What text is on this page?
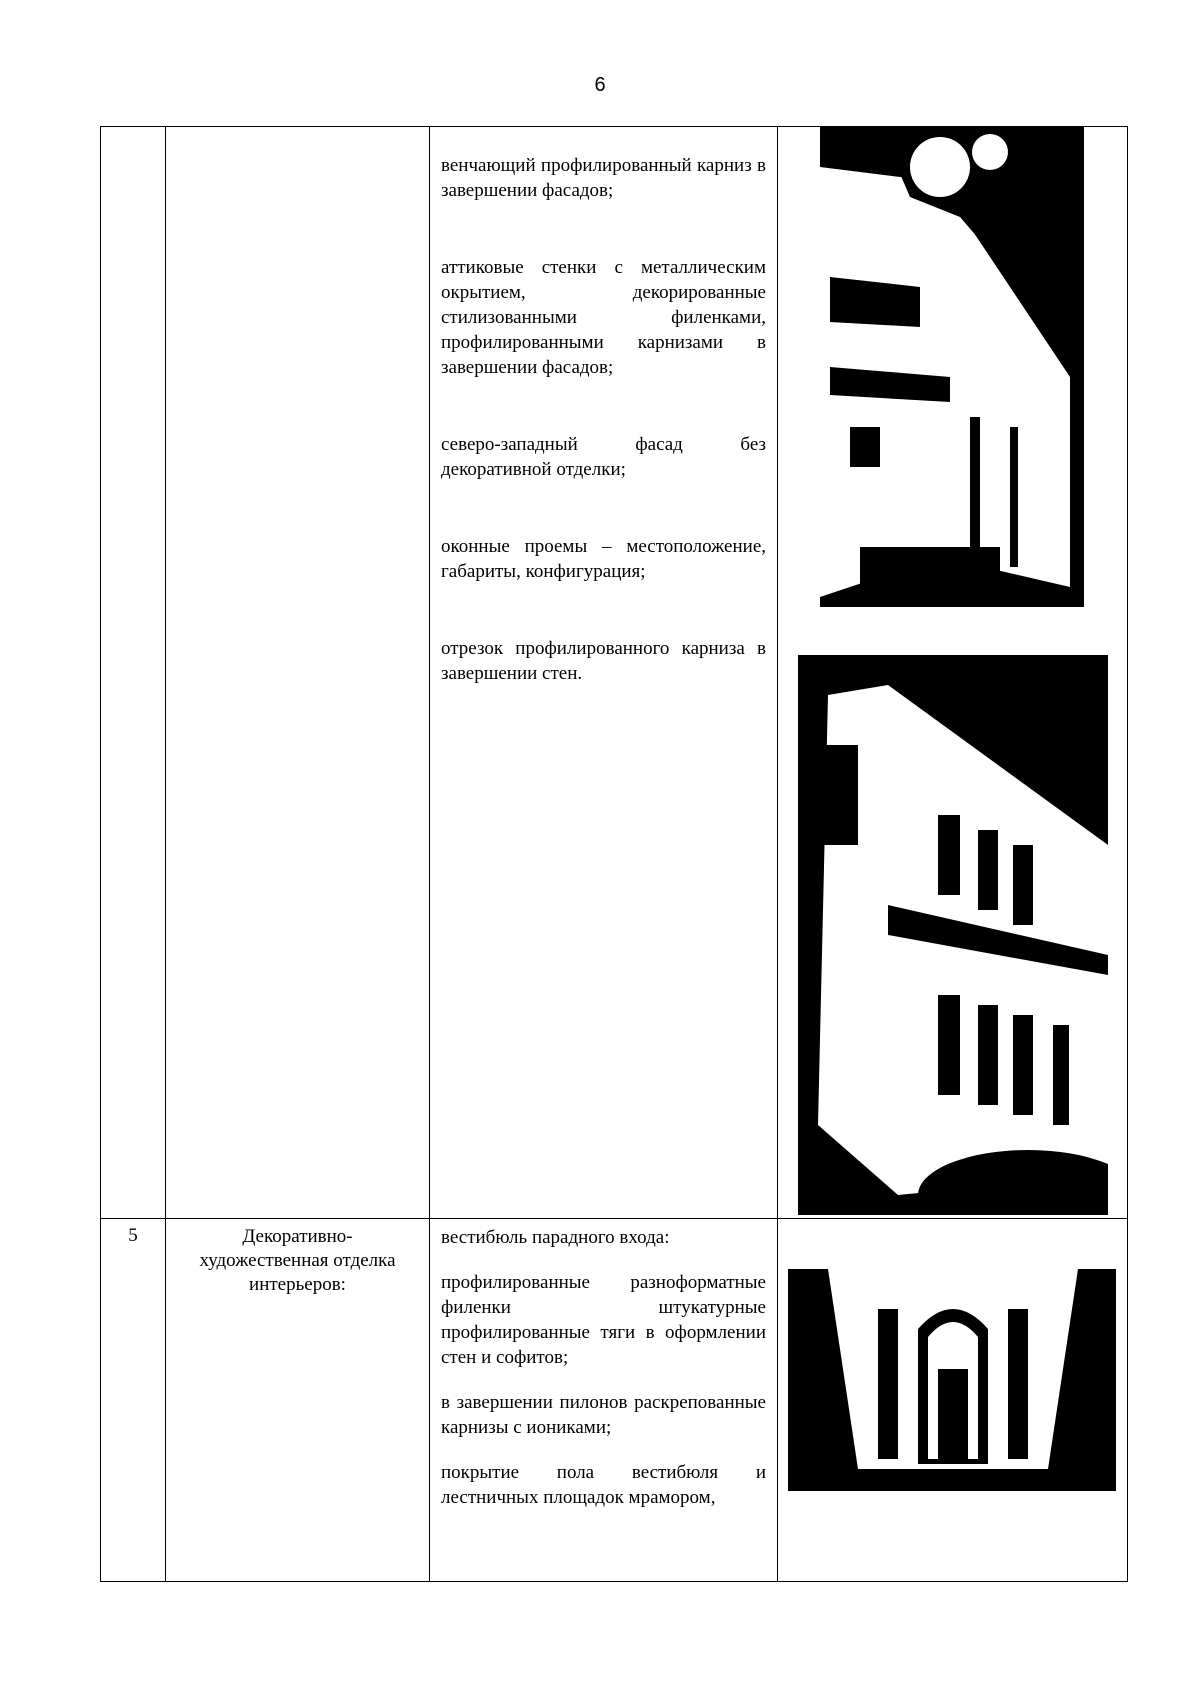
6

		венчающий профилированный карниз в завершении фасадов;

аттиковые стенки с металлическим окрытием, декорированные стилизованными филенками, профилированными карнизами в завершении фасадов;

северо-западный фасад без декоративной отделки;

оконные проемы – местоположение, габариты, конфигурация;

отрезок профилированного карниза в завершении стен.

5	Декоративно-художественная отделка интерьеров:	вестибюль парадного входа:

профилированные разноформатные филенки штукатурные профилированные тяги в оформлении стен и софитов;

в завершении пилонов раскрепованные карнизы с иониками;

покрытие пола вестибюля и лестничных площадок мрамором,
